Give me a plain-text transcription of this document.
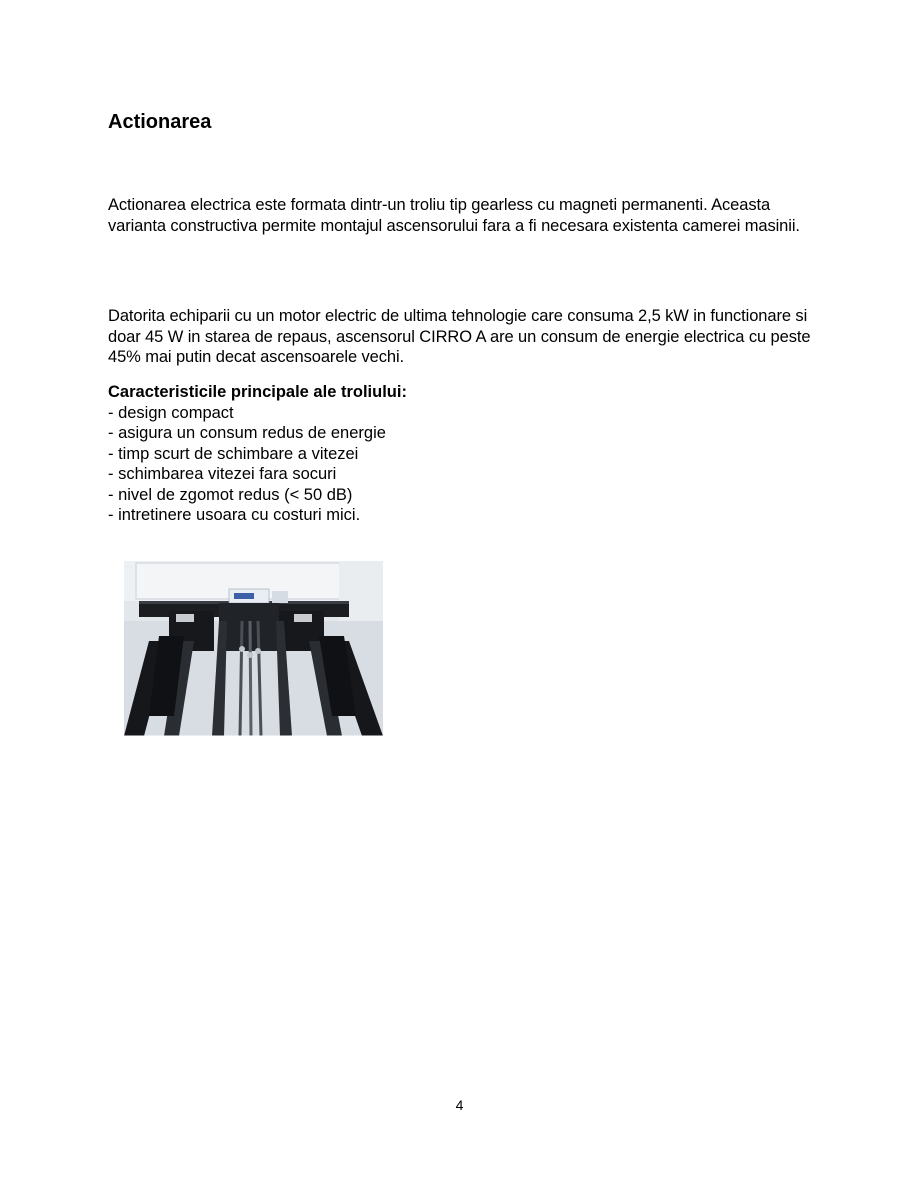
Actionarea

Actionarea electrica este formata dintr-un troliu tip gearless cu magneti permanenti. Aceasta varianta constructiva permite montajul ascensorului fara a fi necesara existenta camerei masinii.

Datorita echiparii cu un motor electric de ultima tehnologie care consuma 2,5 kW in functionare si doar 45 W in starea de repaus, ascensorul CIRRO A are un consum de energie electrica cu peste 45% mai putin decat ascensoarele vechi.

Caracteristicile principale ale troliului:
- design compact
- asigura un consum redus de energie
- timp scurt de schimbare a vitezei
- schimbarea vitezei fara socuri
- nivel de zgomot redus (< 50 dB)
- intretinere usoara cu costuri mici.
4
